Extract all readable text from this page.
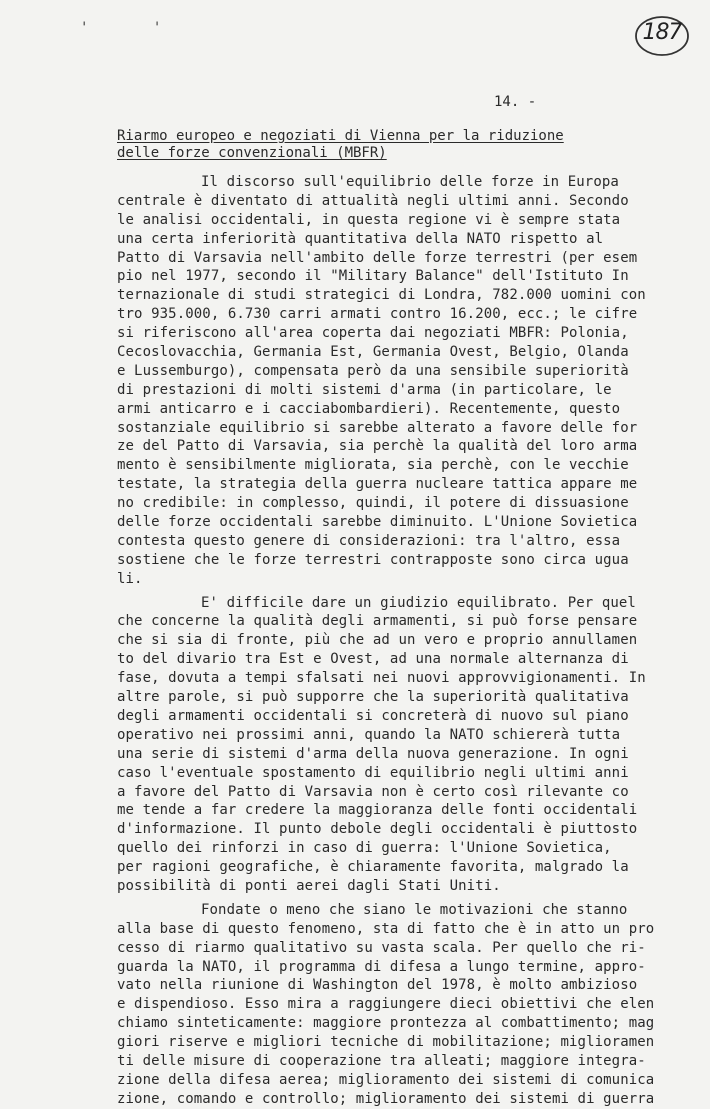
' '	187
14. -
Riarmo europeo e negoziati di Vienna per la riduzione
delle forze convenzionali (MBFR)
Il discorso sull'equilibrio delle forze in Europa
centrale è diventato di attualità negli ultimi anni. Secondo
le analisi occidentali, in questa regione vi è sempre stata
una certa inferiorità quantitativa della NATO rispetto al
Patto di Varsavia nell'ambito delle forze terrestri (per esem
pio nel 1977, secondo il "Military Balance" dell'Istituto In
ternazionale di studi strategici di Londra, 782.000 uomini con
tro 935.000, 6.730 carri armati contro 16.200, ecc.; le cifre
si riferiscono all'area coperta dai negoziati MBFR: Polonia,
Cecoslovacchia, Germania Est, Germania Ovest, Belgio, Olanda
e Lussemburgo), compensata però da una sensibile superiorità
di prestazioni di molti sistemi d'arma (in particolare, le
armi anticarro e i cacciabombardieri). Recentemente, questo
sostanziale equilibrio si sarebbe alterato a favore delle for
ze del Patto di Varsavia, sia perchè la qualità del loro arma
mento è sensibilmente migliorata, sia perchè, con le vecchie
testate, la strategia della guerra nucleare tattica appare me
no credibile: in complesso, quindi, il potere di dissuasione
delle forze occidentali sarebbe diminuito. L'Unione Sovietica
contesta questo genere di considerazioni: tra l'altro, essa
sostiene che le forze terrestri contrapposte sono circa ugua
li.
E' difficile dare un giudizio equilibrato. Per quel
che concerne la qualità degli armamenti, si può forse pensare
che si sia di fronte, più che ad un vero e proprio annullamen
to del divario tra Est e Ovest, ad una normale alternanza di
fase, dovuta a tempi sfalsati nei nuovi approvvigionamenti. In
altre parole, si può supporre che la superiorità qualitativa
degli armamenti occidentali si concreterà di nuovo sul piano
operativo nei prossimi anni, quando la NATO schiererà tutta
una serie di sistemi d'arma della nuova generazione. In ogni
caso l'eventuale spostamento di equilibrio negli ultimi anni
a favore del Patto di Varsavia non è certo così rilevante co
me tende a far credere la maggioranza delle fonti occidentali
d'informazione. Il punto debole degli occidentali è piuttosto
quello dei rinforzi in caso di guerra: l'Unione Sovietica,
per ragioni geografiche, è chiaramente favorita, malgrado la
possibilità di ponti aerei dagli Stati Uniti.
Fondate o meno che siano le motivazioni che stanno
alla base di questo fenomeno, sta di fatto che è in atto un pro
cesso di riarmo qualitativo su vasta scala. Per quello che ri-
guarda la NATO, il programma di difesa a lungo termine, appro-
vato nella riunione di Washington del 1978, è molto ambizioso
e dispendioso. Esso mira a raggiungere dieci obiettivi che elen
chiamo sinteticamente: maggiore prontezza al combattimento; mag
giori riserve e migliori tecniche di mobilitazione; miglioramen
ti delle misure di cooperazione tra alleati; maggiore integra-
zione della difesa aerea; miglioramento dei sistemi di comunica
zione, comando e controllo; miglioramento dei sistemi di guerra
